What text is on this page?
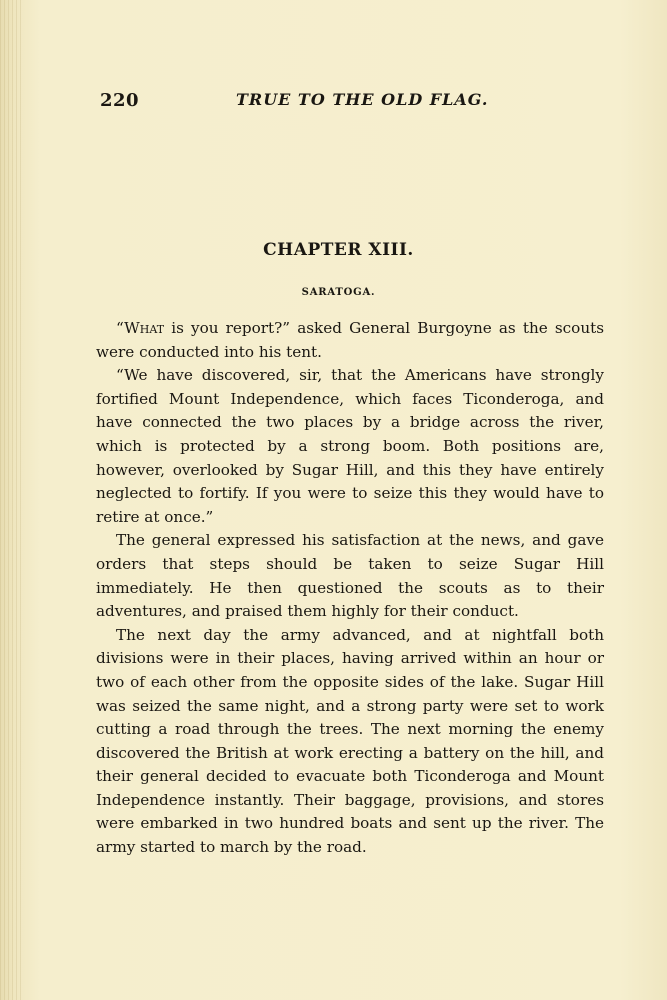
220	TRUE TO THE OLD FLAG.
CHAPTER XIII.
SARATOGA.

“What is you report?” asked General Burgoyne as the scouts were conducted into his tent.

“We have discovered, sir, that the Americans have strongly fortified Mount Independence, which faces Ticonderoga, and have connected the two places by a bridge across the river, which is protected by a strong boom. Both positions are, however, overlooked by Sugar Hill, and this they have entirely neglected to fortify. If you were to seize this they would have to retire at once.”

The general expressed his satisfaction at the news, and gave orders that steps should be taken to seize Sugar Hill immediately. He then questioned the scouts as to their adventures, and praised them highly for their conduct.

The next day the army advanced, and at nightfall both divisions were in their places, having arrived within an hour or two of each other from the opposite sides of the lake. Sugar Hill was seized the same night, and a strong party were set to work cutting a road through the trees. The next morning the enemy discovered the British at work erecting a battery on the hill, and their general decided to evacuate both Ticonderoga and Mount Independence instantly. Their baggage, provisions, and stores were embarked in two hundred boats and sent up the river. The army started to march by the road.
